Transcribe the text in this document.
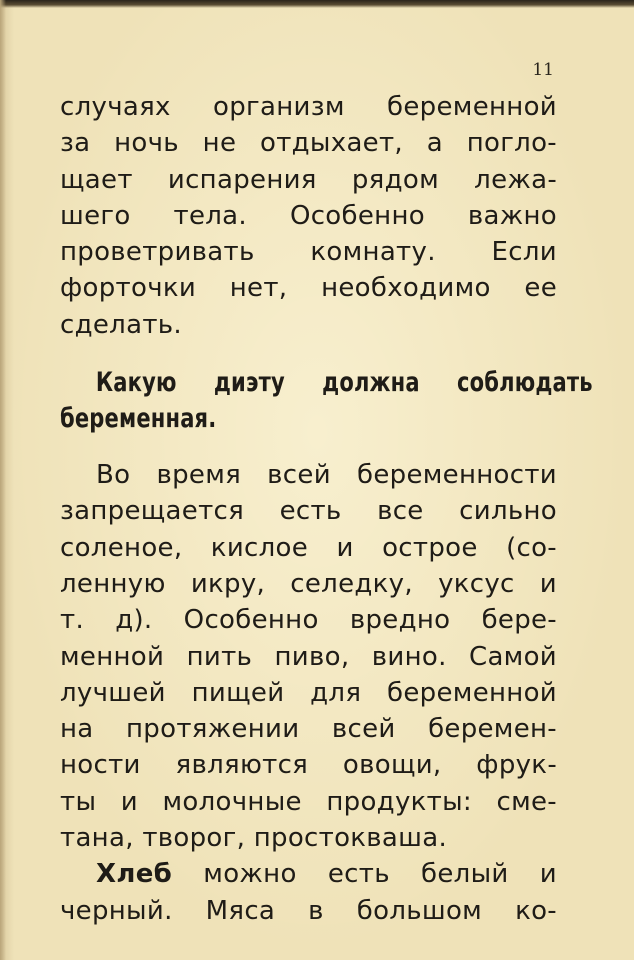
11
случаях организм беременной
за ночь не отдыхает, а погло-
щает испарения рядом лежа-
шего тела. Особенно важно
проветривать комнату. Если
форточки нет, необходимо ее
сделать.
Какую диэту должна соблюдать
беременная.
Во время всей беременности
запрещается есть все сильно
соленое, кислое и острое (со-
ленную икру, селедку, уксус и
т. д). Особенно вредно бере-
менной пить пиво, вино. Самой
лучшей пищей для беременной
на протяжении всей беремен-
ности являются овощи, фрук-
ты и молочные продукты: сме-
тана, творог, простокваша.
Хлеб можно есть белый и
черный. Мяса в большом ко-
